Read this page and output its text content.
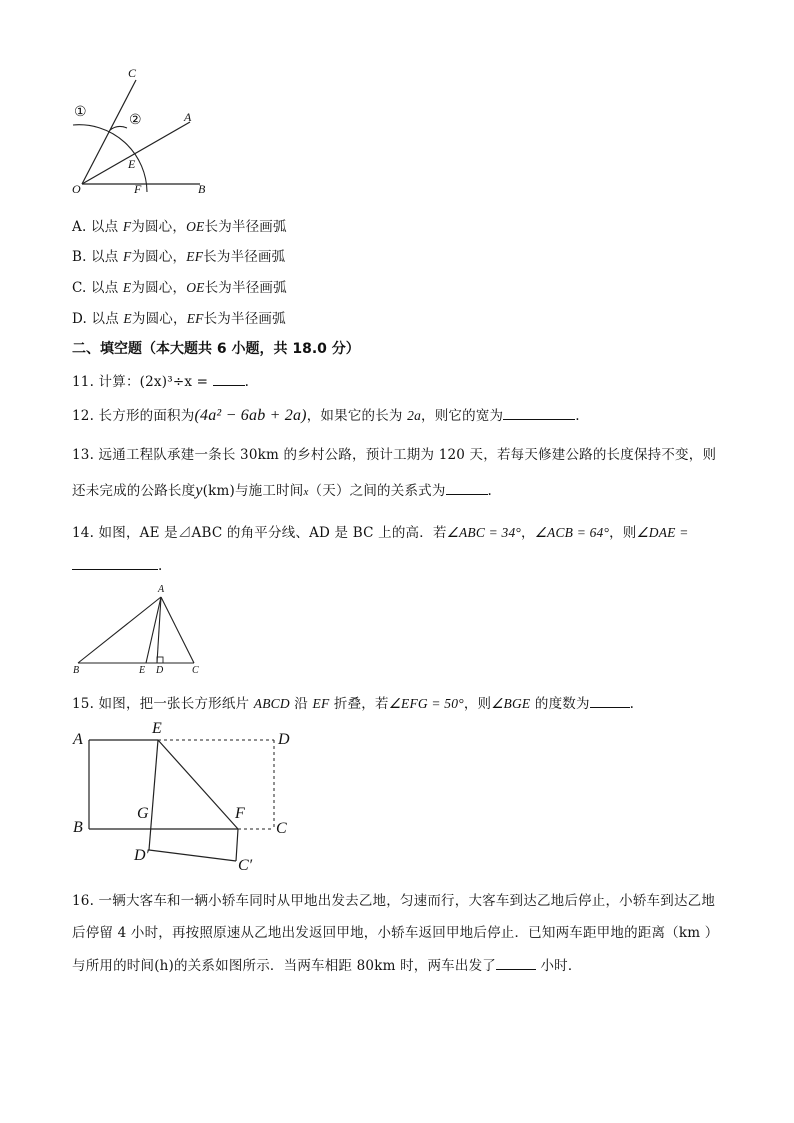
C
A
O	F	B
E
①	②
A. 以点 F为圆心，OE长为半径画弧
B. 以点 F为圆心，EF长为半径画弧
C. 以点 E为圆心，OE长为半径画弧
D. 以点 E为圆心，EF长为半径画弧
二、填空题（本大题共 6 小题，共 18.0 分）
11. 计算：(2x)³÷x = .
12. 长方形的面积为(4a² − 6ab + 2a)，如果它的长为 2a，则它的宽为	.
13. 远通工程队承建一条长 30km 的乡村公路，预计工期为 120 天，若每天修建公路的长度保持不变，则
还未完成的公路长度y(km)与施工时间x（天）之间的关系式为	.
14. 如图，AE 是⊿ABC 的角平分线、AD 是 BC 上的高．若∠ABC = 34°，∠ACB = 64°，则∠DAE =
.
A
B	E D	C
15. 如图，把一张长方形纸片 ABCD 沿 EF 折叠，若∠EFG = 50°，则∠BGE 的度数为	.
A
E
D
G	F
B	C
D′
C′
16. 一辆大客车和一辆小轿车同时从甲地出发去乙地，匀速而行，大客车到达乙地后停止，小轿车到达乙地
后停留 4 小时，再按照原速从乙地出发返回甲地，小轿车返回甲地后停止．已知两车距甲地的距离（km ）
与所用的时间(h)的关系如图所示．当两车相距 80km 时，两车出发了	小时．
